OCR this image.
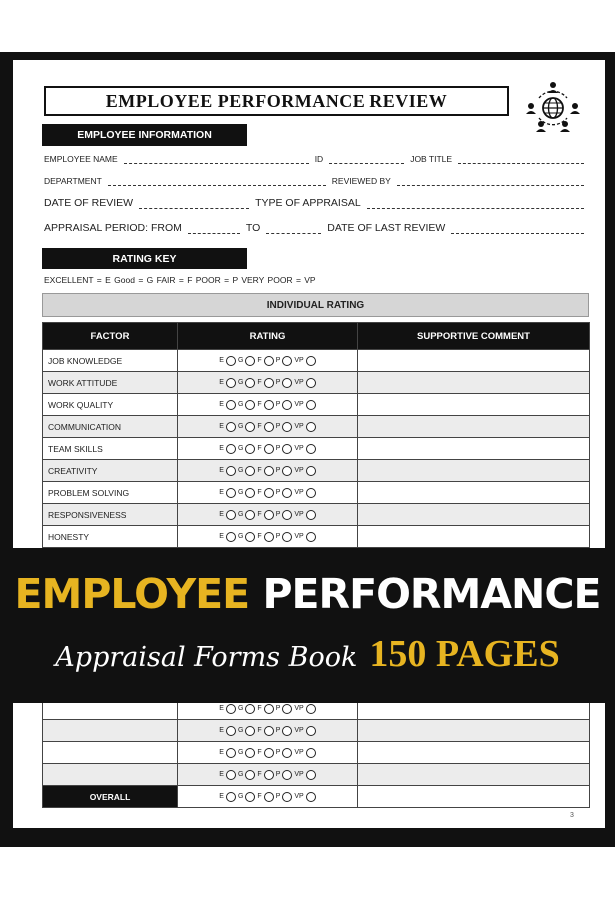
EMPLOYEE PERFORMANCE REVIEW
EMPLOYEE INFORMATION
EMPLOYEE NAME	ID	JOB TITLE
DEPARTMENT	REVIEWED BY
DATE OF REVIEW	TYPE OF APPRAISAL
APPRAISAL PERIOD: FROM	TO	DATE OF LAST REVIEW
RATING KEY
EXCELLENT = E Good = G FAIR = F POOR = P VERY POOR = VP
INDIVIDUAL RATING
FACTOR	RATING	SUPPORTIVE COMMENT
JOB KNOWLEDGE	E G F P VP	

WORK ATTITUDE	E G F P VP	

WORK QUALITY	E G F P VP	

COMMUNICATION	E G F P VP	

TEAM SKILLS	E G F P VP	

CREATIVITY	E G F P VP	

PROBLEM SOLVING	E G F P VP	

RESPONSIVENESS	E G F P VP	

HONESTY	E G F P VP	

	E G F P VP	

	E G F P VP	

	E G F P VP	

	E G F P VP	

OVERALL	E G F P VP	

EMPLOYEE PERFORMANCE
Appraisal Forms Book 150 PAGES
3
